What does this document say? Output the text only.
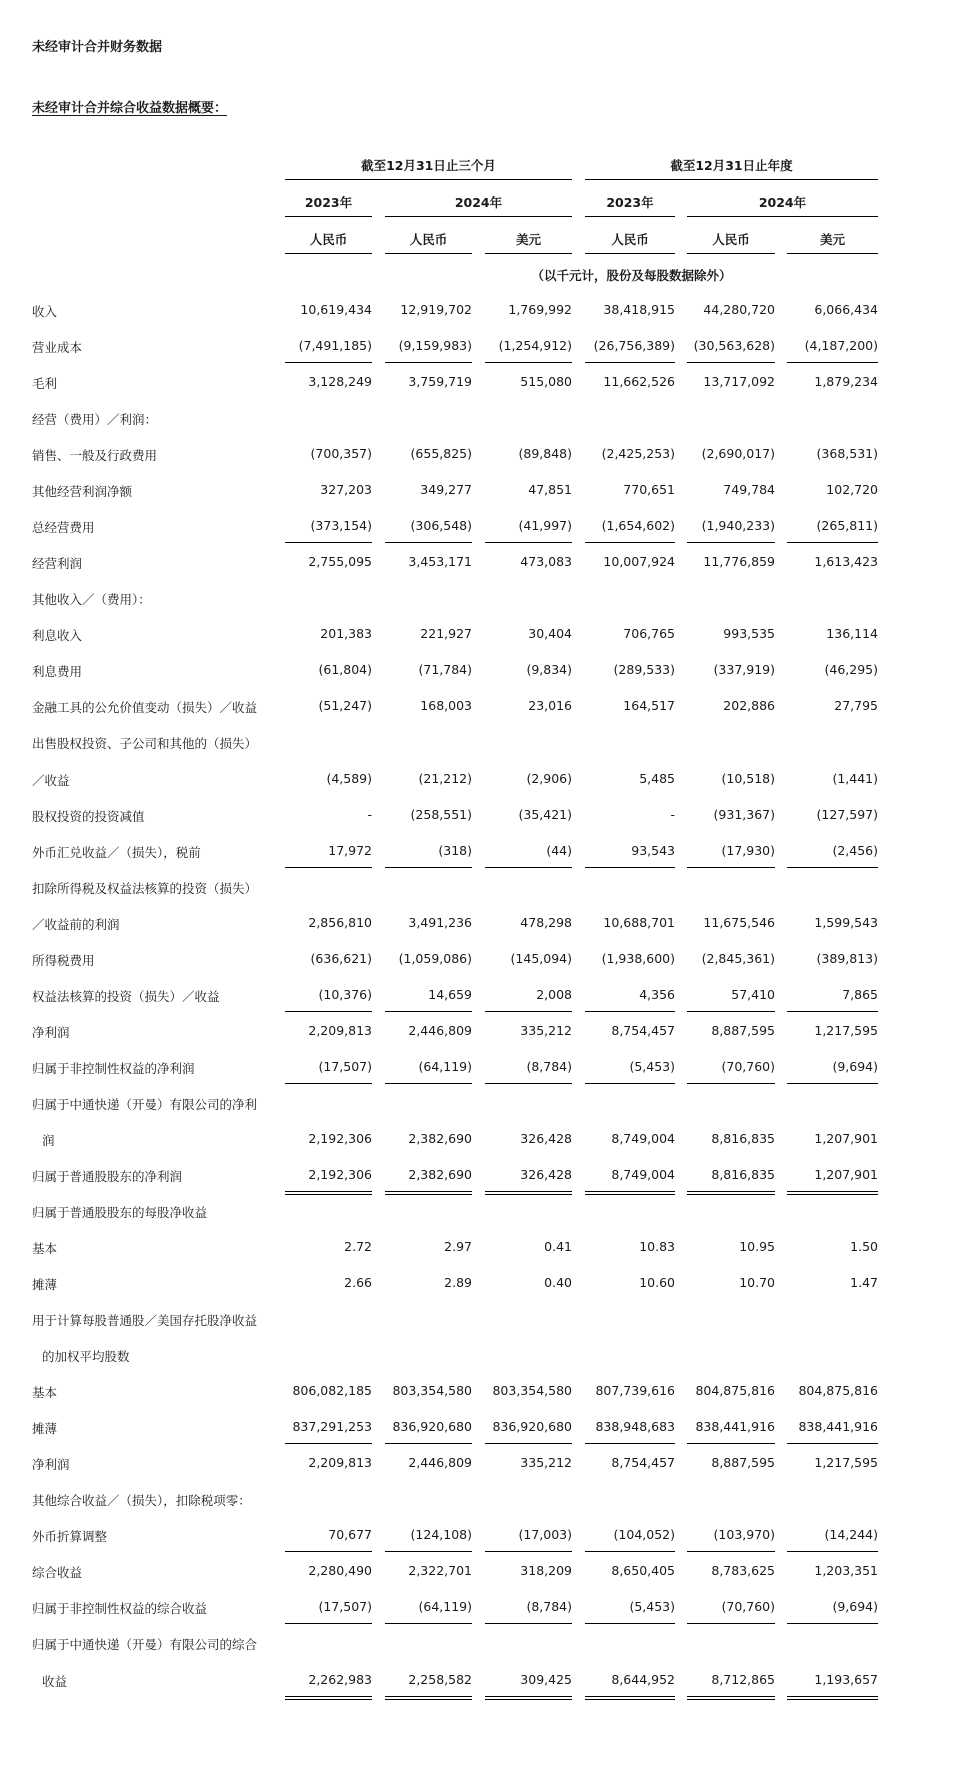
未经审计合并财务数据
未经审计合并综合收益数据概要：
截至12月31日止三个月	截至12月31日止年度
2023年	2024年	2023年	2024年
人民币	人民币	美元	人民币	人民币	美元
（以千元计，股份及每股数据除外）
收入	10,619,434	12,919,702	1,769,992	38,418,915	44,280,720	6,066,434
营业成本	(7,491,185)	(9,159,983)	(1,254,912)	(26,756,389)	(30,563,628)	(4,187,200)
毛利	3,128,249	3,759,719	515,080	11,662,526	13,717,092	1,879,234
经营（费用）／利润：
销售、一般及行政费用	(700,357)	(655,825)	(89,848)	(2,425,253)	(2,690,017)	(368,531)
其他经营利润净额	327,203	349,277	47,851	770,651	749,784	102,720
总经营费用	(373,154)	(306,548)	(41,997)	(1,654,602)	(1,940,233)	(265,811)
经营利润	2,755,095	3,453,171	473,083	10,007,924	11,776,859	1,613,423
其他收入／（费用）：
利息收入	201,383	221,927	30,404	706,765	993,535	136,114
利息费用	(61,804)	(71,784)	(9,834)	(289,533)	(337,919)	(46,295)
金融工具的公允价值变动（损失）／收益	(51,247)	168,003	23,016	164,517	202,886	27,795
出售股权投资、子公司和其他的（损失）
／收益	(4,589)	(21,212)	(2,906)	5,485	(10,518)	(1,441)
股权投资的投资减值	-	(258,551)	(35,421)	-	(931,367)	(127,597)
外币汇兑收益／（损失），税前	17,972	(318)	(44)	93,543	(17,930)	(2,456)
扣除所得税及权益法核算的投资（损失）
／收益前的利润	2,856,810	3,491,236	478,298	10,688,701	11,675,546	1,599,543
所得税费用	(636,621)	(1,059,086)	(145,094)	(1,938,600)	(2,845,361)	(389,813)
权益法核算的投资（损失）／收益	(10,376)	14,659	2,008	4,356	57,410	7,865
净利润	2,209,813	2,446,809	335,212	8,754,457	8,887,595	1,217,595
归属于非控制性权益的净利润	(17,507)	(64,119)	(8,784)	(5,453)	(70,760)	(9,694)
归属于中通快递（开曼）有限公司的净利
润	2,192,306	2,382,690	326,428	8,749,004	8,816,835	1,207,901
归属于普通股股东的净利润	2,192,306	2,382,690	326,428	8,749,004	8,816,835	1,207,901
归属于普通股股东的每股净收益
基本	2.72	2.97	0.41	10.83	10.95	1.50
摊薄	2.66	2.89	0.40	10.60	10.70	1.47
用于计算每股普通股／美国存托股净收益
的加权平均股数
基本	806,082,185	803,354,580	803,354,580	807,739,616	804,875,816	804,875,816
摊薄	837,291,253	836,920,680	836,920,680	838,948,683	838,441,916	838,441,916
净利润	2,209,813	2,446,809	335,212	8,754,457	8,887,595	1,217,595
其他综合收益／（损失），扣除税项零：
外币折算调整	70,677	(124,108)	(17,003)	(104,052)	(103,970)	(14,244)
综合收益	2,280,490	2,322,701	318,209	8,650,405	8,783,625	1,203,351
归属于非控制性权益的综合收益	(17,507)	(64,119)	(8,784)	(5,453)	(70,760)	(9,694)
归属于中通快递（开曼）有限公司的综合
收益	2,262,983	2,258,582	309,425	8,644,952	8,712,865	1,193,657
